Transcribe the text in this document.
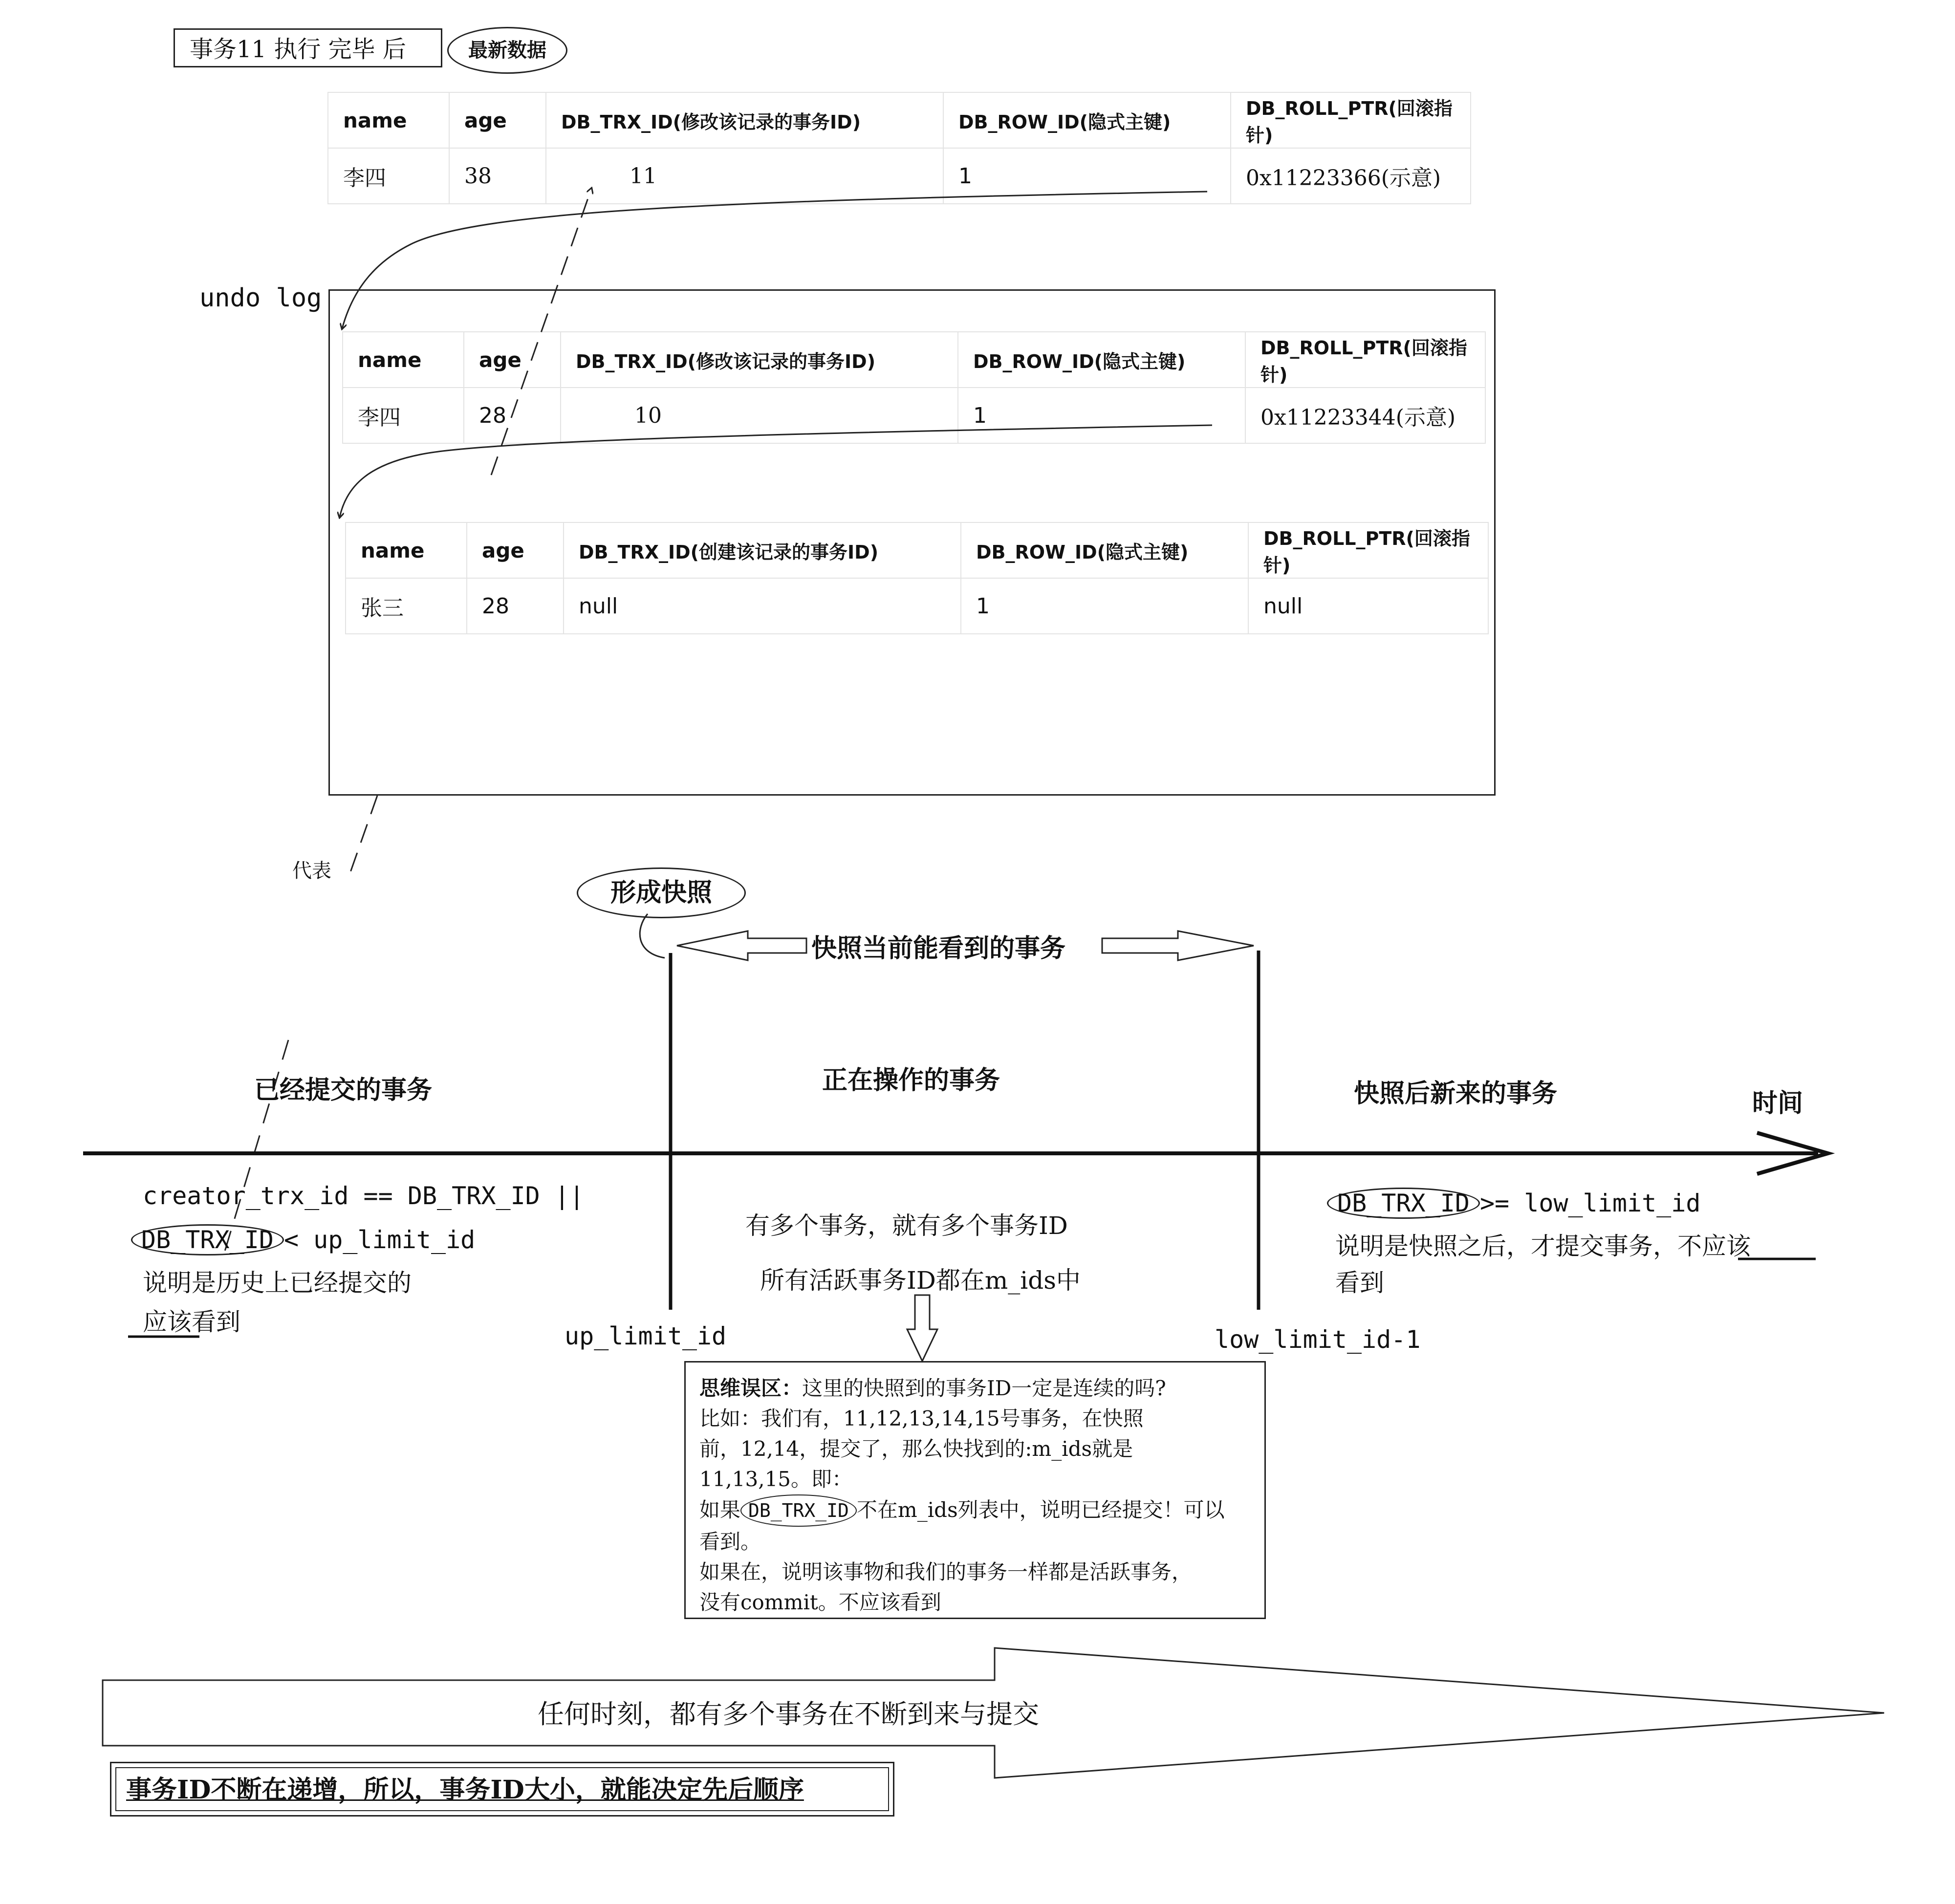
事务11 执行 完毕 后	最新数据
name	age	DB_TRX_ID(修改该记录的事务ID)	DB_ROW_ID(隐式主键)	DB_ROLL_PTR(回滚指针)
李四	38	11	1	0x11223366(示意)
undo log
name	age	DB_TRX_ID(修改该记录的事务ID)	DB_ROW_ID(隐式主键)	DB_ROLL_PTR(回滚指针)
李四	28	10	1	0x11223344(示意)
name	age	DB_TRX_ID(创建该记录的事务ID)	DB_ROW_ID(隐式主键)	DB_ROLL_PTR(回滚指针)
张三	28	null	1	null
代表
形成快照
快照当前能看到的事务
已经提交的事务	正在操作的事务	快照后新来的事务	时间
creator_trx_id == DB_TRX_ID ||
DB_TRX_ID < up_limit_id
说明是历史上已经提交的
应该看到
有多个事务，就有多个事务ID
所有活跃事务ID都在m_ids中
up_limit_id	low_limit_id-1
DB_TRX_ID >= low_limit_id
说明是快照之后，才提交事务，不应该
看到

思维误区：这里的快照到的事务ID一定是连续的吗?

比如：我们有，11,12,13,14,15号事务，在快照

前，12,14，提交了，那么快找到的:m_ids就是

11,13,15。即：

如果 DB_TRX_ID 不在m_ids列表中，说明已经提交！可以

看到。

如果在，说明该事物和我们的事务一样都是活跃事务，

没有commit。不应该看到

任何时刻，都有多个事务在不断到来与提交
事务ID不断在递增，所以，事务ID大小，就能决定先后顺序
